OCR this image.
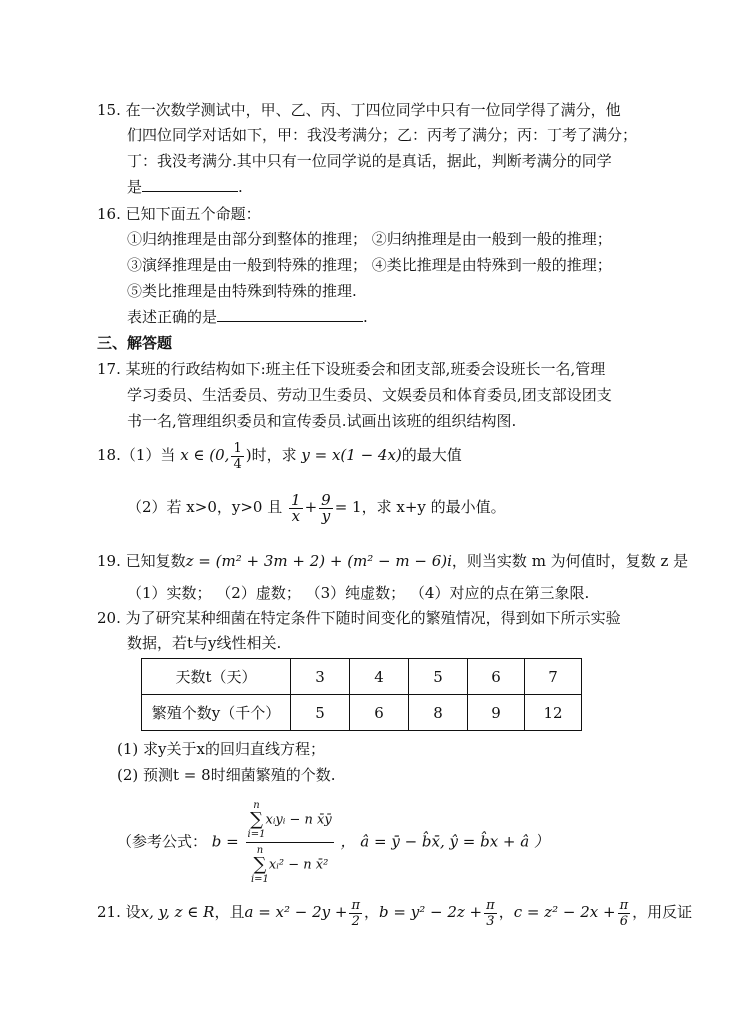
15. 在一次数学测试中，甲、乙、丙、丁四位同学中只有一位同学得了满分，他
们四位同学对话如下，甲：我没考满分；乙：丙考了满分；丙：丁考了满分；
丁：我没考满分.其中只有一位同学说的是真话，据此，判断考满分的同学
是	.
16. 已知下面五个命题：
①归纳推理是由部分到整体的推理； ②归纳推理是由一般到一般的推理；
③演绎推理是由一般到特殊的推理； ④类比推理是由特殊到一般的推理；
⑤类比推理是由特殊到特殊的推理.
表述正确的是	.
三、解答题
17. 某班的行政结构如下:班主任下设班委会和团支部,班委会设班长一名,管理
学习委员、生活委员、劳动卫生委员、文娱委员和体育委员,团支部设团支
书一名,管理组织委员和宣传委员.试画出该班的组织结构图.
18.（1）当 x ∈ (0, $\frac{1}{4}$ )时，求 y = x(1 − 4x)的最大值
（2）若 x>0，y>0 且 $\frac{1}{x} + \frac{9}{y} = 1$，求 x+y 的最小值。
19. 已知复数z = (m² + 3m + 2) + (m² − m − 6)i，则当实数 m 为何值时，复数 z 是
（1）实数； （2）虚数； （3）纯虚数； （4）对应的点在第三象限.
20. 为了研究某种细菌在特定条件下随时间变化的繁殖情况，得到如下所示实验
数据，若t与y线性相关.
天数t（天）	3	4	5	6	7
繁殖个数y（千个）	5	6	8	9	12
(1) 求y关于x的回归直线方程；
(2) 预测t = 8时细菌繁殖的个数.
（参考公式： b = n
∑
i=1
xᵢyᵢ − n x̄ȳ
n
∑
i=1
xᵢ² − n x̄² ， â = ȳ − b̂x̄, ŷ = b̂x + â ）
21. 设x, y, z ∈ R，且$a = x^2 - 2y + \frac{\pi}{2}$ ，$b = y^2 - 2z + \frac{\pi}{3}$ ，$c = z^2 - 2x + \frac{\pi}{6}$ ，用反证
